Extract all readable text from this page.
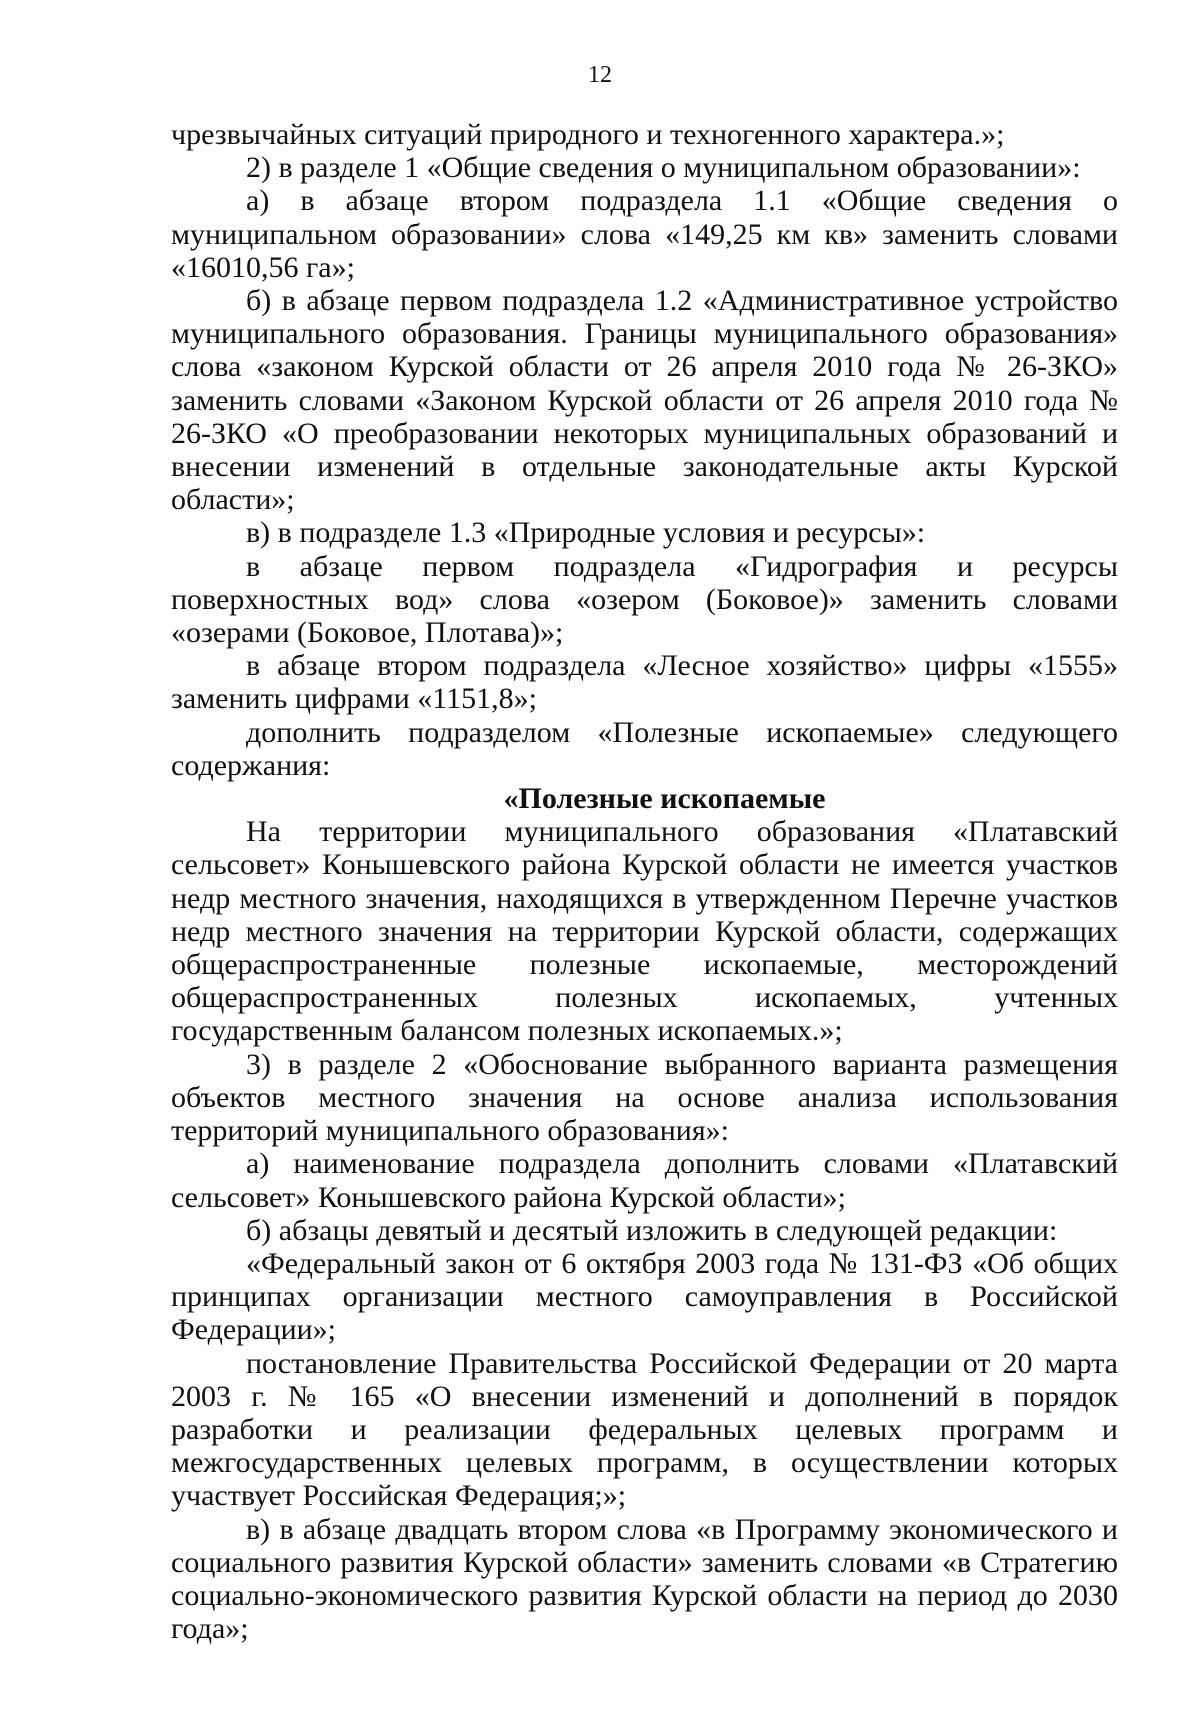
12

чрезвычайных ситуаций природного и техногенного характера.»;

2) в разделе 1 «Общие сведения о муниципальном образовании»:

а) в абзаце втором подраздела 1.1 «Общие сведения о муниципальном образовании» слова «149,25 км кв» заменить словами «16010,56 га»;

б) в абзаце первом подраздела 1.2 «Административное устройство муниципального образования. Границы муниципального образования» слова «законом Курской области от 26 апреля 2010 года № 26-ЗКО» заменить словами «Законом Курской области от 26 апреля 2010 года № 26-ЗКО «О преобразовании некоторых муниципальных образований и внесении изменений в отдельные законодательные акты Курской области»;

в) в подразделе 1.3 «Природные условия и ресурсы»:

в абзаце первом подраздела «Гидрография и ресурсы поверхностных вод» слова «озером (Боковое)» заменить словами «озерами (Боковое, Плотава)»;

в абзаце втором подраздела «Лесное хозяйство» цифры «1555» заменить цифрами «1151,8»;

дополнить подразделом «Полезные ископаемые» следующего содержания:

«Полезные ископаемые

На территории муниципального образования «Платавский сельсовет» Конышевского района Курской области не имеется участков недр местного значения, находящихся в утвержденном Перечне участков недр местного значения на территории Курской области, содержащих общераспространенные полезные ископаемые, месторождений общераспространенных полезных ископаемых, учтенных государственным балансом полезных ископаемых.»;

3) в разделе 2 «Обоснование выбранного варианта размещения объектов местного значения на основе анализа использования территорий муниципального образования»:

а) наименование подраздела дополнить словами «Платавский сельсовет» Конышевского района Курской области»;

б) абзацы девятый и десятый изложить в следующей редакции:

«Федеральный закон от 6 октября 2003 года № 131-ФЗ «Об общих принципах организации местного самоуправления в Российской Федерации»;

постановление Правительства Российской Федерации от 20 марта 2003 г. № 165 «О внесении изменений и дополнений в порядок разработки и реализации федеральных целевых программ и межгосударственных целевых программ, в осуществлении которых участвует Российская Федерация;»;

в) в абзаце двадцать втором слова «в Программу экономического и социального развития Курской области» заменить словами «в Стратегию социально-экономического развития Курской области на период до 2030 года»;
